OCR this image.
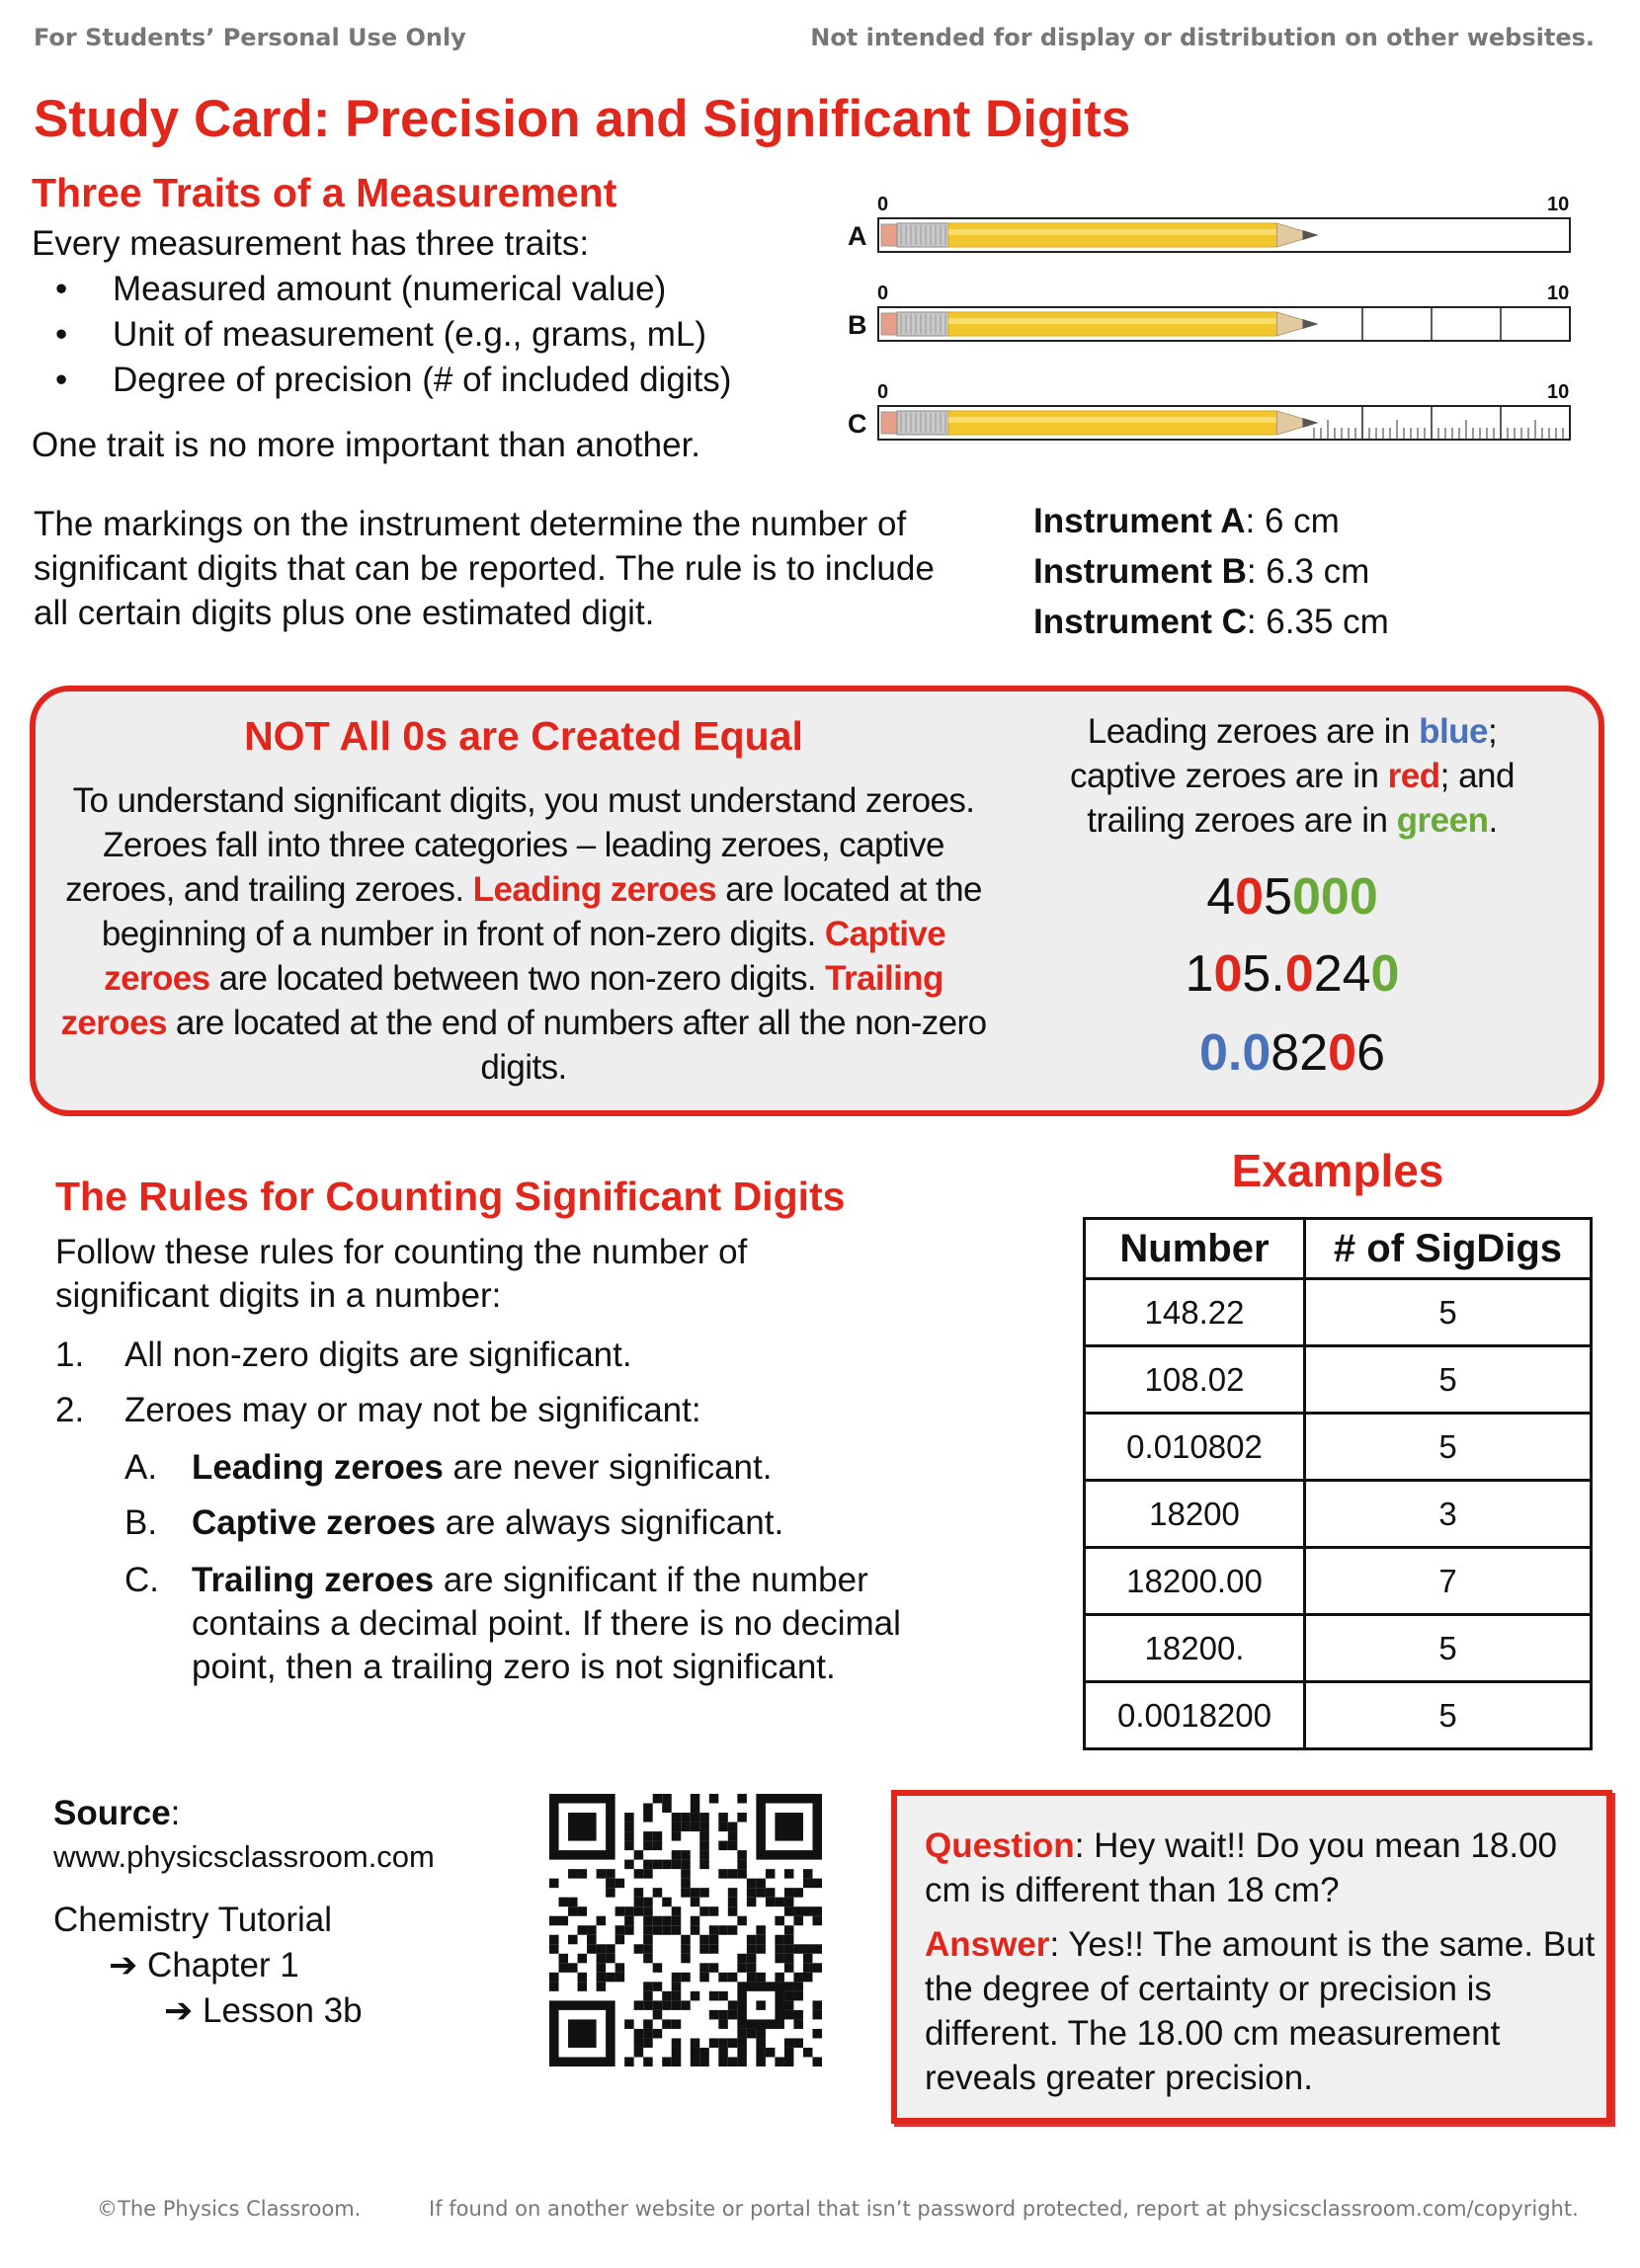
For Students’ Personal Use Only	Not intended for display or distribution on other websites.
Study Card: Precision and Significant Digits
Three Traits of a Measurement
Every measurement has three traits:
• Measured amount (numerical value)
• Unit of measurement (e.g., grams, mL)
• Degree of precision (# of included digits)
One trait is no more important than another.
A
0	10
B
0	10
C
0	10
The markings on the instrument determine the number of significant digits that can be reported. The rule is to include all certain digits plus one estimated digit.
Instrument A: 6 cm
Instrument B: 6.3 cm
Instrument C: 6.35 cm
NOT All 0s are Created Equal
To understand significant digits, you must understand zeroes. Zeroes fall into three categories – leading zeroes, captive zeroes, and trailing zeroes. Leading zeroes are located at the beginning of a number in front of non-zero digits. Captive zeroes are located between two non-zero digits. Trailing zeroes are located at the end of numbers after all the non-zero digits.
Leading zeroes are in blue;
captive zeroes are in red; and
trailing zeroes are in green.
405000
105.0240
0.08206
The Rules for Counting Significant Digits
Follow these rules for counting the number of
significant digits in a number:
1. All non-zero digits are significant.
2. Zeroes may or may not be significant:
A. Leading zeroes are never significant.
B. Captive zeroes are always significant.
C. Trailing zeroes are significant if the number contains a decimal point. If there is no decimal point, then a trailing zero is not significant.
Examples
Number	# of SigDigs
148.22	5
108.02	5
0.010802	5
18200	3
18200.00	7
18200.	5
0.0018200	5
Source:
www.physicsclassroom.com
Chemistry Tutorial
➔ Chapter 1
➔ Lesson 3b

Question: Hey wait!! Do you mean 18.00 cm is different than 18 cm?

Answer: Yes!! The amount is the same. But the degree of certainty or precision is different. The 18.00 cm measurement reveals greater precision.

©The Physics Classroom.	If found on another website or portal that isn’t password protected, report at physicsclassroom.com/copyright.
